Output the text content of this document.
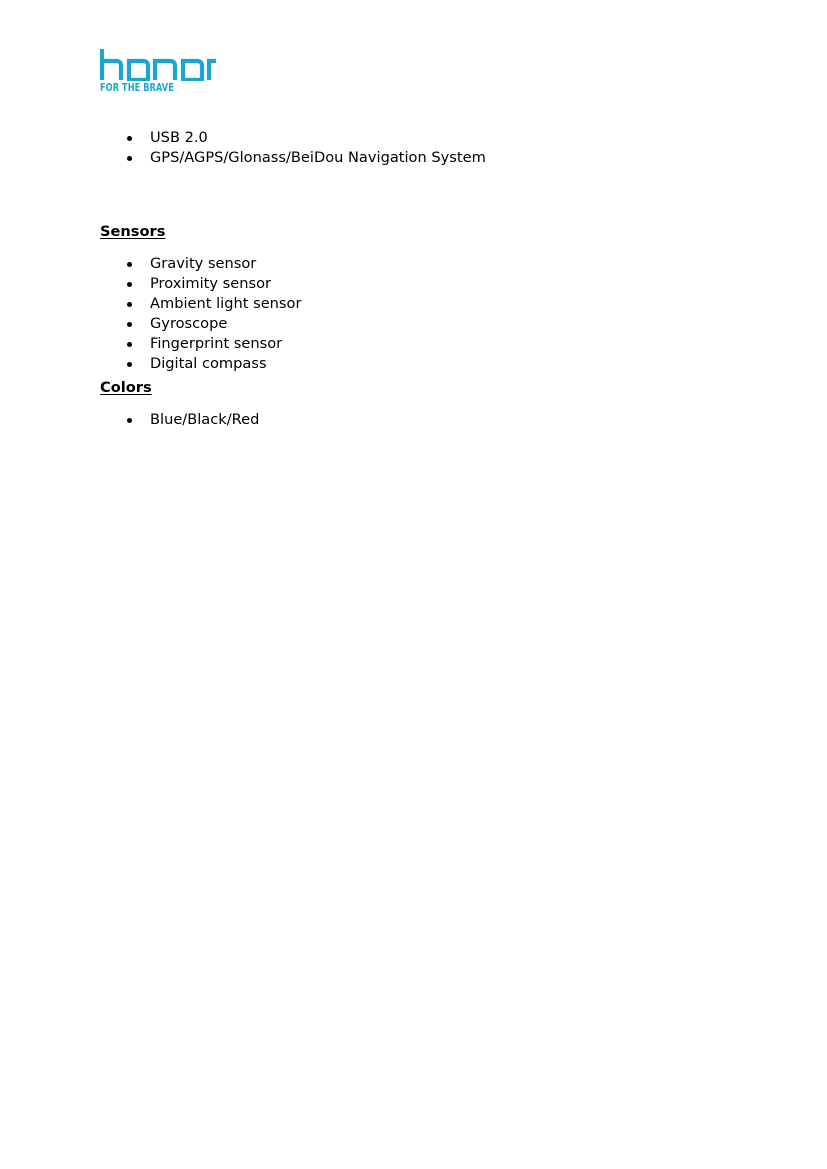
FOR THE BRAVE
USB 2.0
GPS/AGPS/Glonass/BeiDou Navigation System
Sensors
Gravity sensor
Proximity sensor
Ambient light sensor
Gyroscope
Fingerprint sensor
Digital compass
Colors
Blue/Black/Red
